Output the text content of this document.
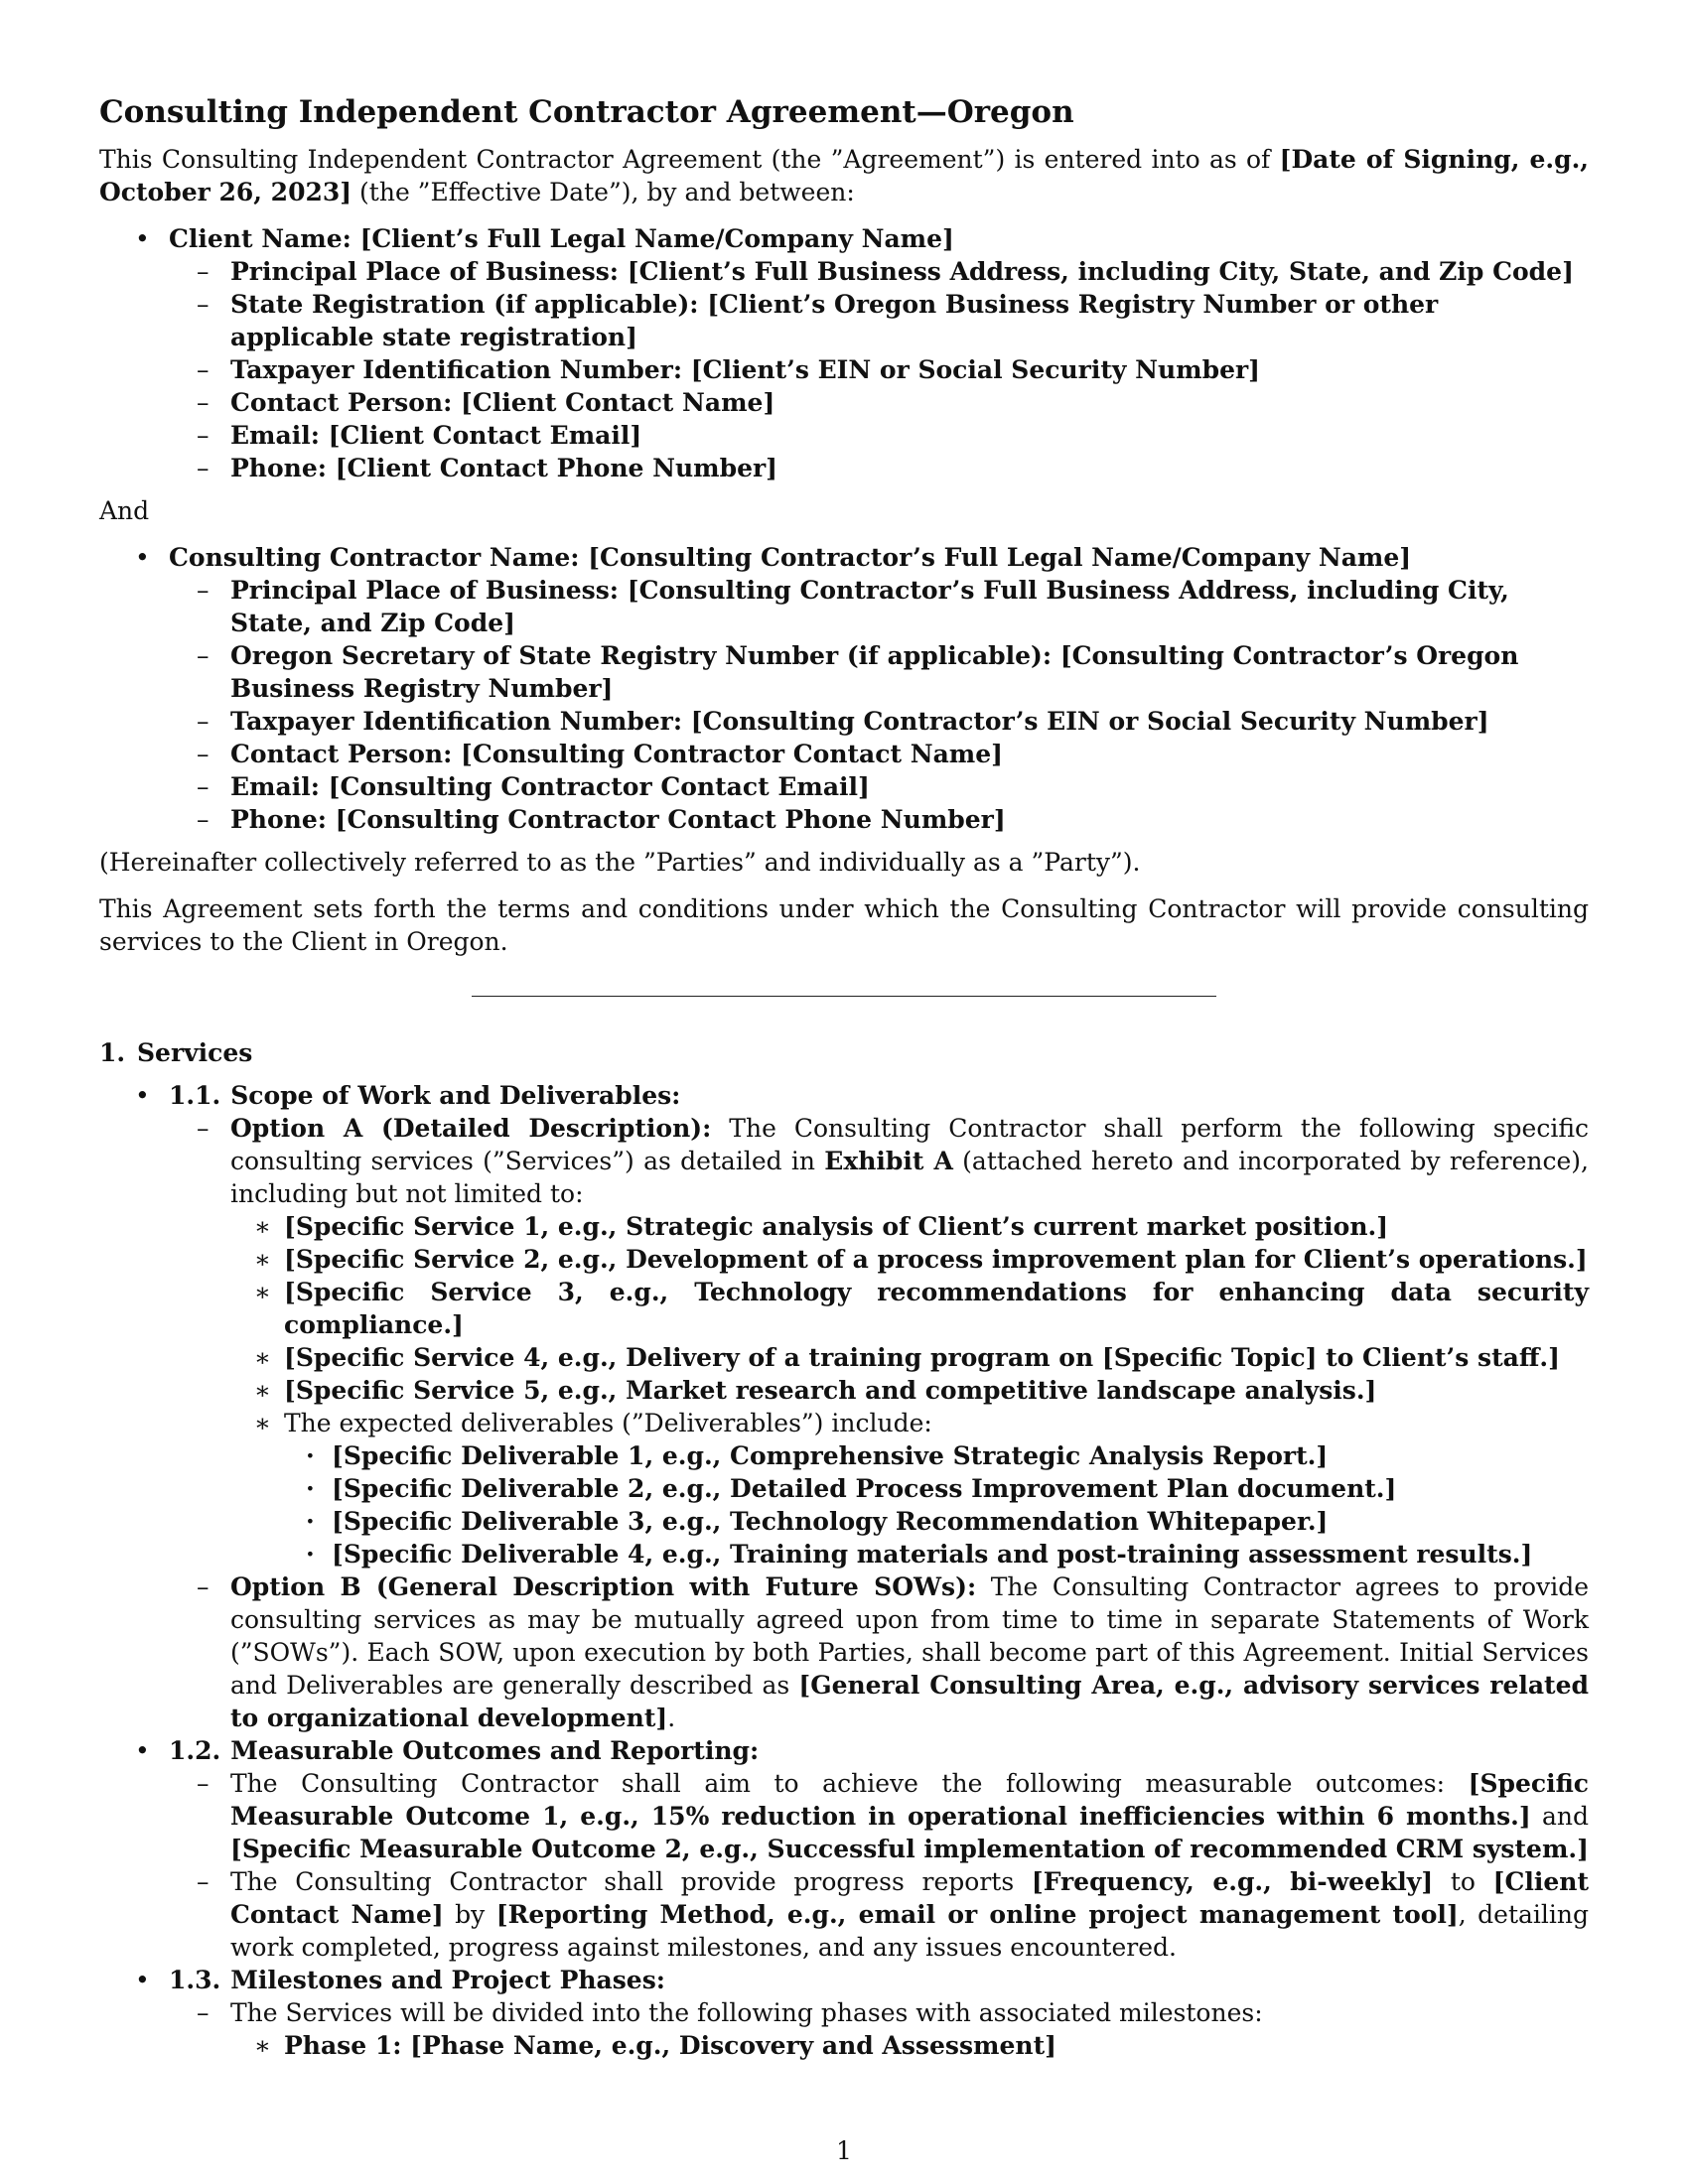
Consulting Independent Contractor Agreement—Oregon

This Consulting Independent Contractor Agreement (the ”Agreement”) is entered into as of [Date of Signing, e.g., October 26, 2023] (the ”Effective Date”), by and between:

• Client Name: [Client’s Full Legal Name/Company Name]
– Principal Place of Business: [Client’s Full Business Address, including City, State, and Zip Code]
– State Registration (if applicable): [Client’s Oregon Business Registry Number or other applicable state registration]
– Taxpayer Identification Number: [Client’s EIN or Social Security Number]
– Contact Person: [Client Contact Name]
– Email: [Client Contact Email]
– Phone: [Client Contact Phone Number]

And

• Consulting Contractor Name: [Consulting Contractor’s Full Legal Name/Company Name]
– Principal Place of Business: [Consulting Contractor’s Full Business Address, including City, State, and Zip Code]
– Oregon Secretary of State Registry Number (if applicable): [Consulting Contractor’s Oregon Business Registry Number]
– Taxpayer Identification Number: [Consulting Contractor’s EIN or Social Security Number]
– Contact Person: [Consulting Contractor Contact Name]
– Email: [Consulting Contractor Contact Email]
– Phone: [Consulting Contractor Contact Phone Number]

(Hereinafter collectively referred to as the ”Parties” and individually as a ”Party”).

This Agreement sets forth the terms and conditions under which the Consulting Contractor will provide consulting services to the Client in Oregon.

1. Services
• 1.1. Scope of Work and Deliverables:
– Option A (Detailed Description): The Consulting Contractor shall perform the following specific consulting services (”Services”) as detailed in Exhibit A (attached hereto and incorporated by reference), including but not limited to:
∗ [Specific Service 1, e.g., Strategic analysis of Client’s current market position.]
∗ [Specific Service 2, e.g., Development of a process improvement plan for Client’s operations.]
∗ [Specific Service 3, e.g., Technology recommendations for enhancing data security compliance.]
∗ [Specific Service 4, e.g., Delivery of a training program on [Specific Topic] to Client’s staff.]
∗ [Specific Service 5, e.g., Market research and competitive landscape analysis.]
∗ The expected deliverables (”Deliverables”) include:
· [Specific Deliverable 1, e.g., Comprehensive Strategic Analysis Report.]
· [Specific Deliverable 2, e.g., Detailed Process Improvement Plan document.]
· [Specific Deliverable 3, e.g., Technology Recommendation Whitepaper.]
· [Specific Deliverable 4, e.g., Training materials and post-training assessment results.]
– Option B (General Description with Future SOWs): The Consulting Contractor agrees to provide consulting services as may be mutually agreed upon from time to time in separate Statements of Work (”SOWs”). Each SOW, upon execution by both Parties, shall become part of this Agreement. Initial Services and Deliverables are generally described as [General Consulting Area, e.g., advisory services related to organizational development].
• 1.2. Measurable Outcomes and Reporting:
– The Consulting Contractor shall aim to achieve the following measurable outcomes: [Specific Measurable Outcome 1, e.g., 15% reduction in operational inefficiencies within 6 months.] and [Specific Measurable Outcome 2, e.g., Successful implementation of recommended CRM system.]
– The Consulting Contractor shall provide progress reports [Frequency, e.g., bi-weekly] to [Client Contact Name] by [Reporting Method, e.g., email or online project management tool], detailing work completed, progress against milestones, and any issues encountered.
• 1.3. Milestones and Project Phases:
– The Services will be divided into the following phases with associated milestones:
∗ Phase 1: [Phase Name, e.g., Discovery and Assessment]
1
